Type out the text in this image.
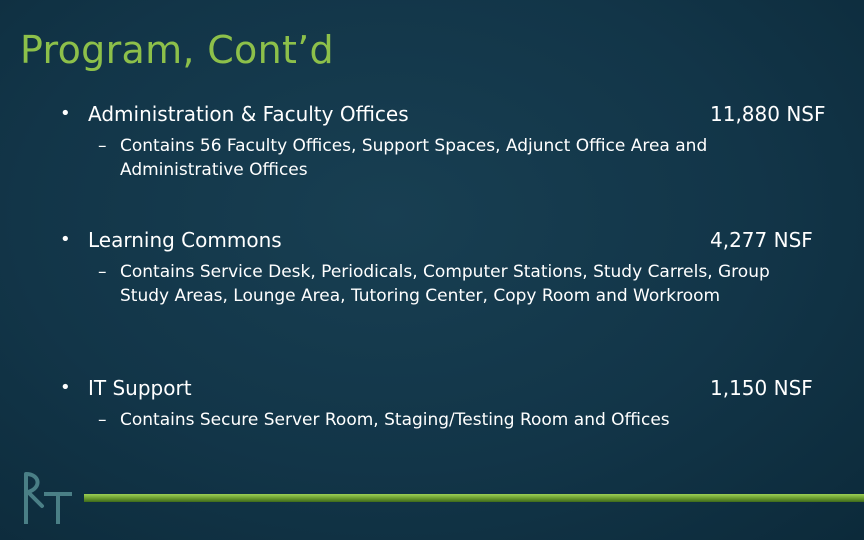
Program, Cont’d
• Administration & Faculty Offices	11,880 NSF
– Contains 56 Faculty Offices, Support Spaces, Adjunct Office Area and Administrative Offices
• Learning Commons	4,277 NSF
– Contains Service Desk, Periodicals, Computer Stations, Study Carrels, Group Study Areas, Lounge Area, Tutoring Center, Copy Room and Workroom
• IT Support	1,150 NSF
– Contains Secure Server Room, Staging/Testing Room and Offices
